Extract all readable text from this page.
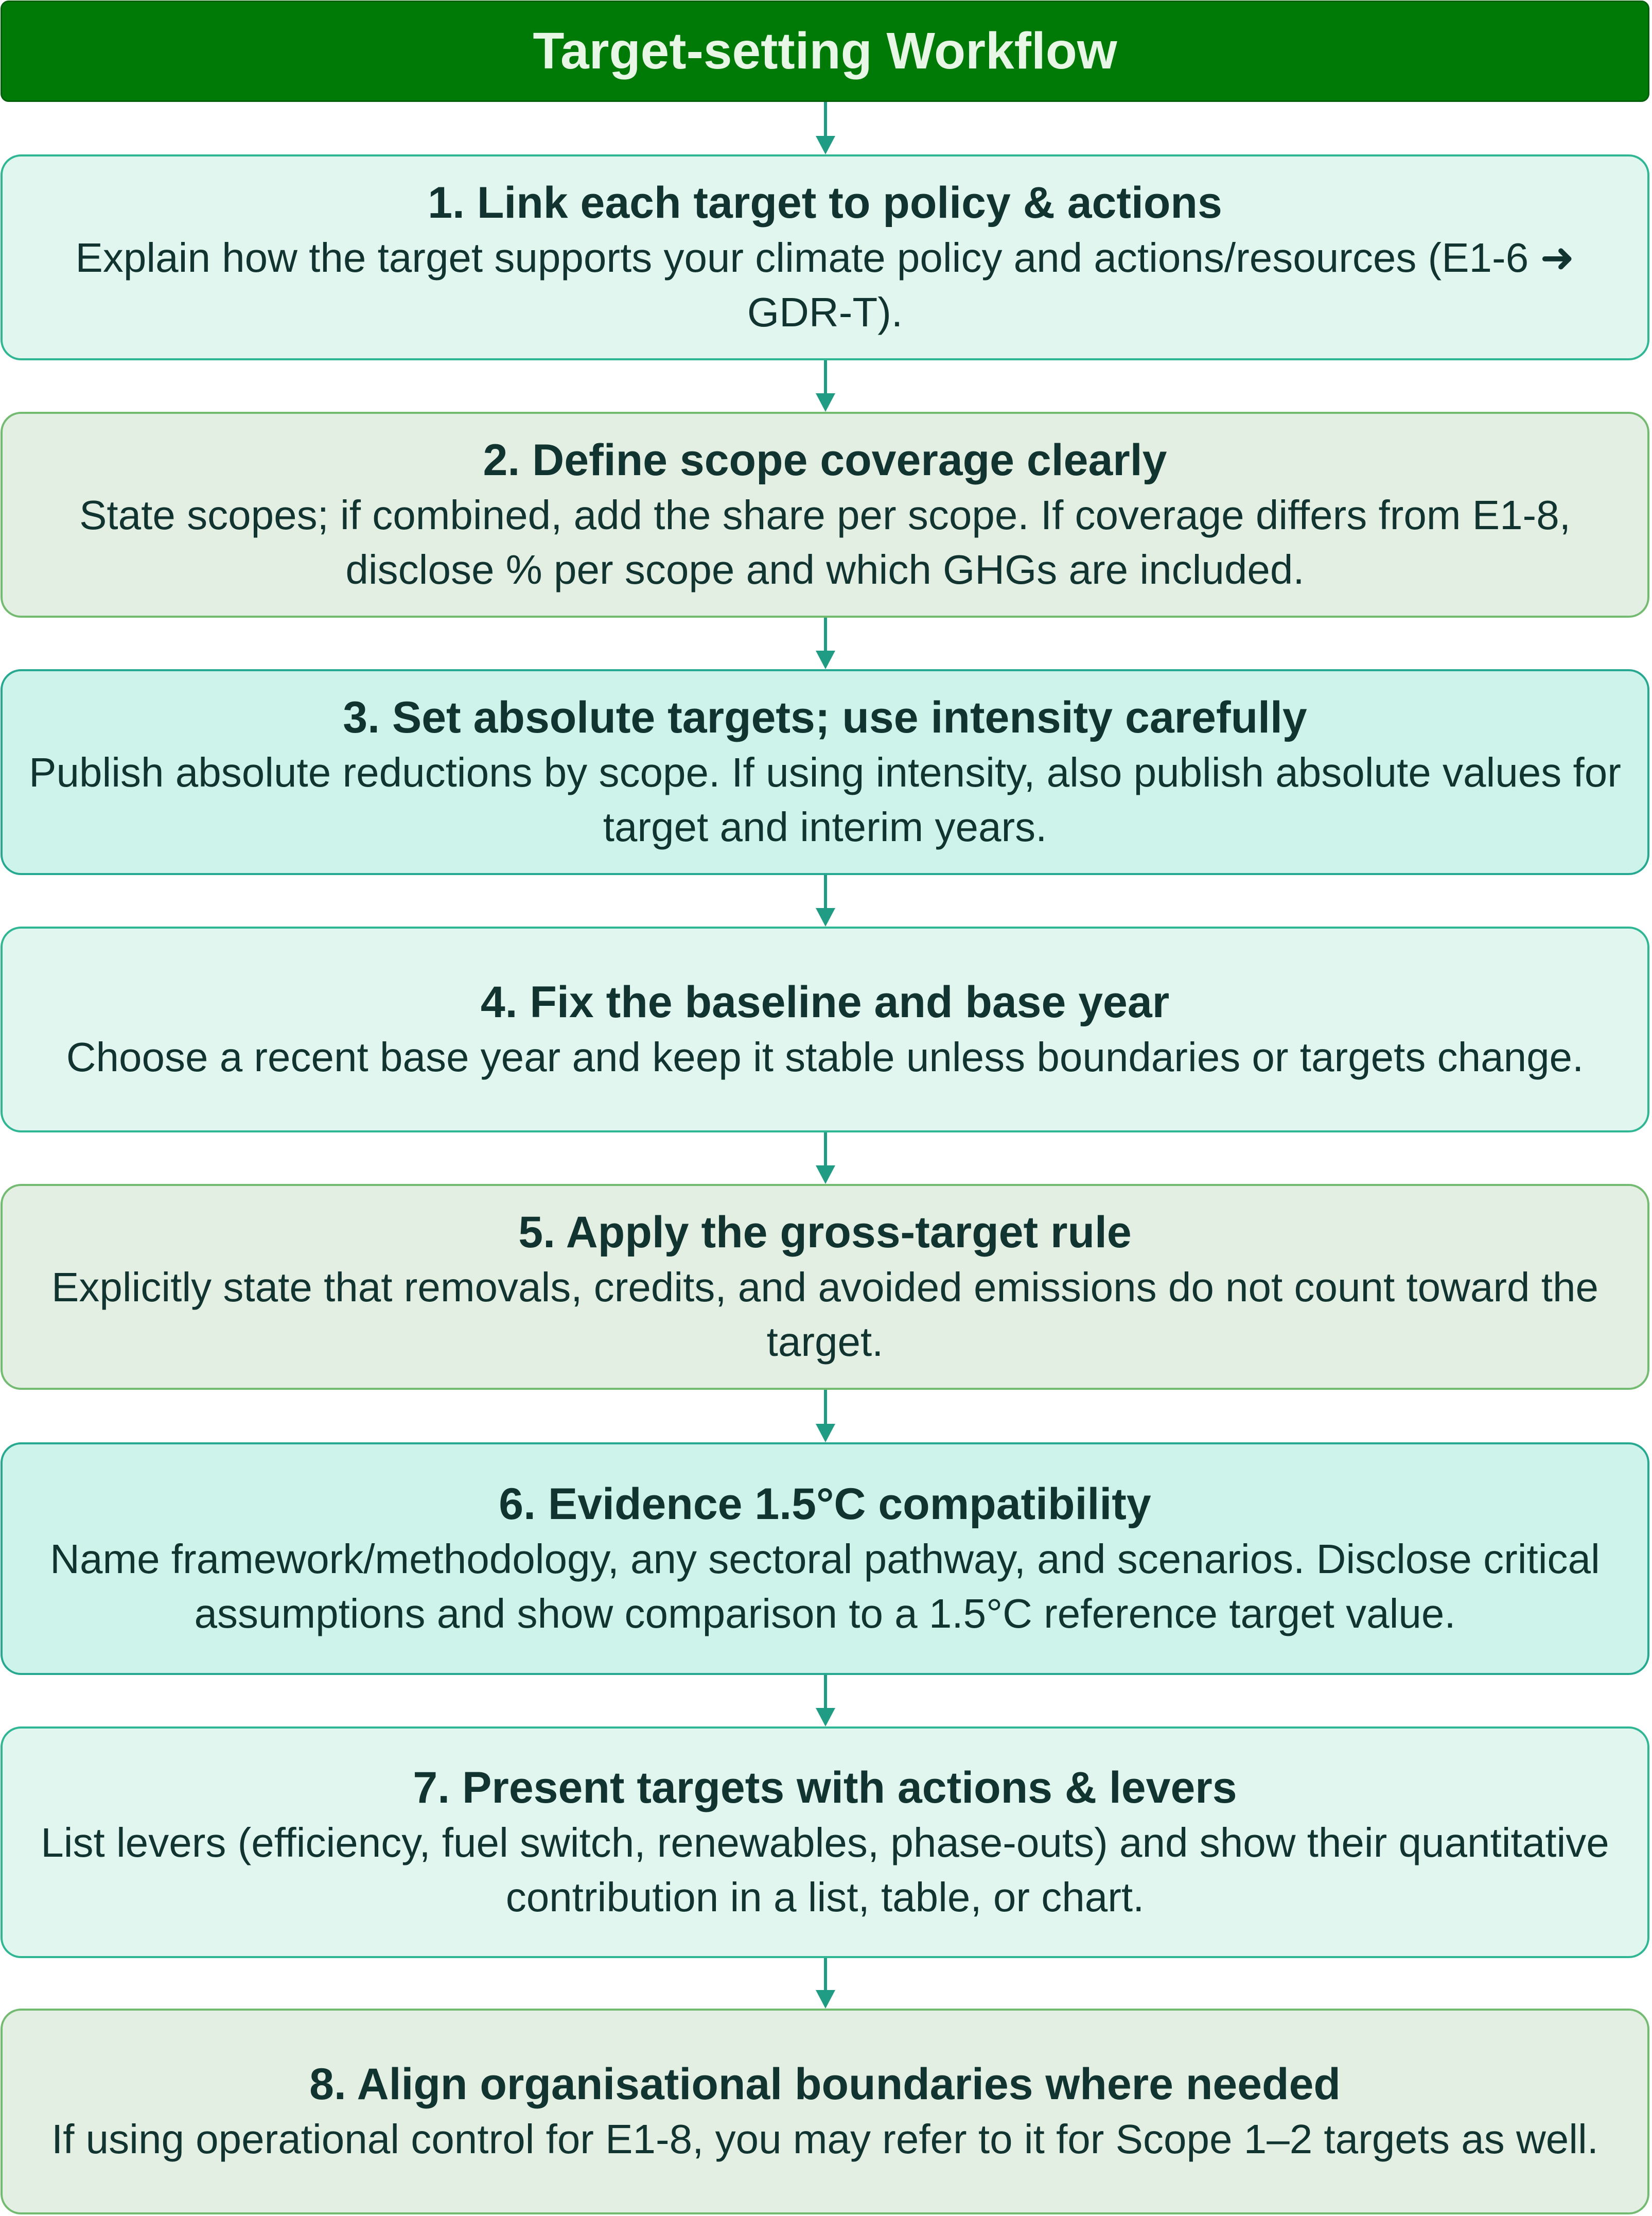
Target-setting Workflow
1. Link each target to policy & actions
Explain how the target supports your climate policy and actions/resources (E1-6 ➜ GDR-T).
2. Define scope coverage clearly
State scopes; if combined, add the share per scope. If coverage differs from E1-8, disclose % per scope and which GHGs are included.
3. Set absolute targets; use intensity carefully
Publish absolute reductions by scope. If using intensity, also publish absolute values for target and interim years.
4. Fix the baseline and base year
Choose a recent base year and keep it stable unless boundaries or targets change.
5. Apply the gross-target rule
Explicitly state that removals, credits, and avoided emissions do not count toward the target.
6. Evidence 1.5°C compatibility
Name framework/methodology, any sectoral pathway, and scenarios. Disclose critical assumptions and show comparison to a 1.5°C reference target value.
7. Present targets with actions & levers
List levers (efficiency, fuel switch, renewables, phase-outs) and show their quantitative contribution in a list, table, or chart.
8. Align organisational boundaries where needed
If using operational control for E1-8, you may refer to it for Scope 1–2 targets as well.
